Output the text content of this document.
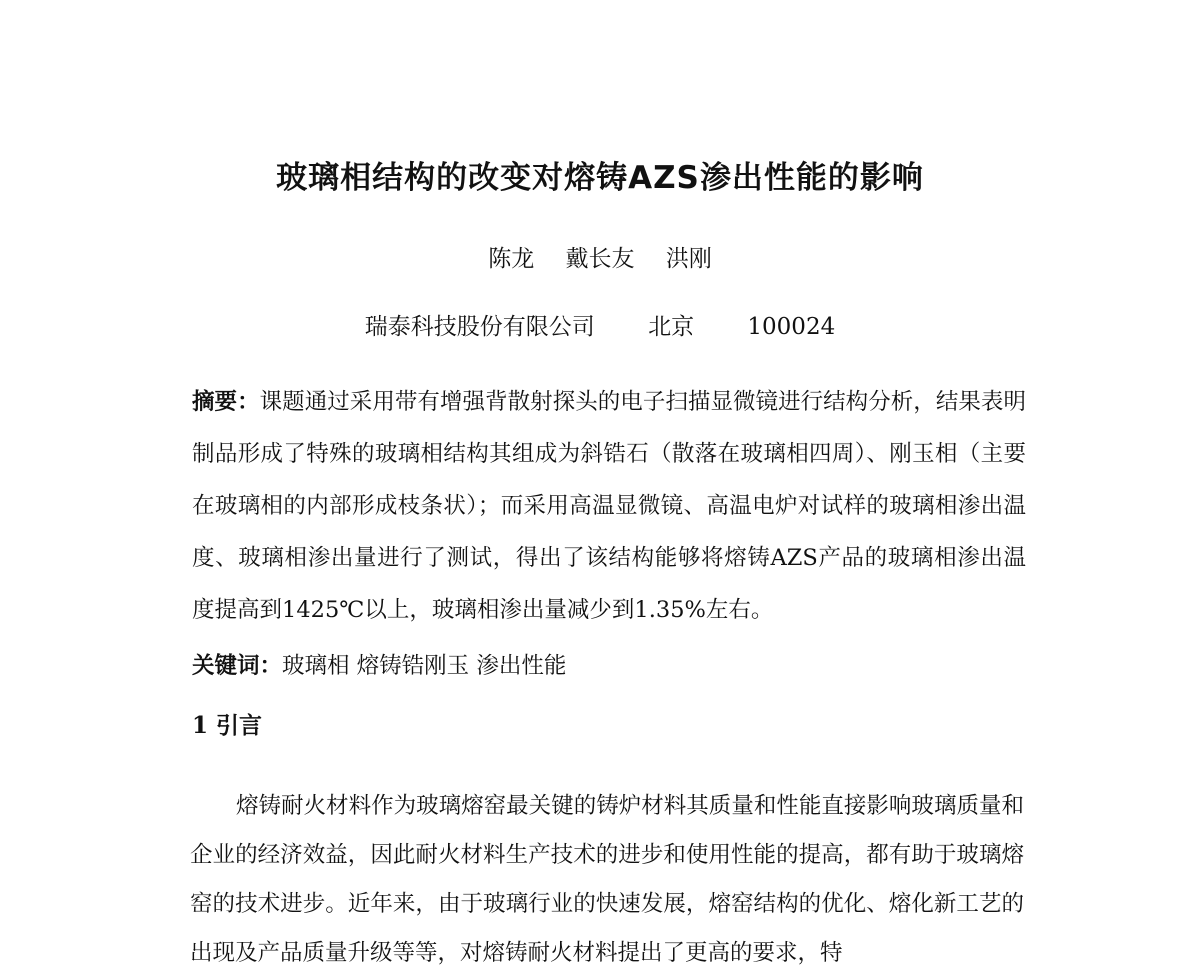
玻璃相结构的改变对熔铸AZS渗出性能的影响
陈龙 戴长友 洪刚
瑞泰科技股份有限公司 北京 100024
摘要：课题通过采用带有增强背散射探头的电子扫描显微镜进行结构分析，结果表明制品形成了特殊的玻璃相结构其组成为斜锆石（散落在玻璃相四周）、刚玉相（主要在玻璃相的内部形成枝条状）；而采用高温显微镜、高温电炉对试样的玻璃相渗出温度、玻璃相渗出量进行了测试，得出了该结构能够将熔铸AZS产品的玻璃相渗出温度提高到1425℃以上，玻璃相渗出量减少到1.35%左右。
关键词：玻璃相 熔铸锆刚玉 渗出性能
1 引言
熔铸耐火材料作为玻璃熔窑最关键的铸炉材料其质量和性能直接影响玻璃质量和企业的经济效益，因此耐火材料生产技术的进步和使用性能的提高，都有助于玻璃熔窑的技术进步。近年来，由于玻璃行业的快速发展，熔窑结构的优化、熔化新工艺的出现及产品质量升级等等，对熔铸耐火材料提出了更高的要求，特
